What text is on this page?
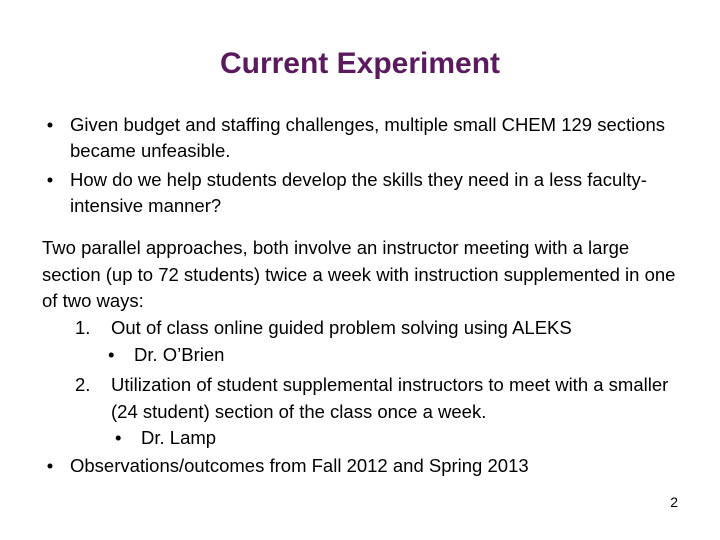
Current Experiment
• Given budget and staffing challenges, multiple small CHEM 129 sections became unfeasible.
• How do we help students develop the skills they need in a less faculty-intensive manner?
Two parallel approaches, both involve an instructor meeting with a large section (up to 72 students) twice a week with instruction supplemented in one of two ways:
1.	Out of class online guided problem solving using ALEKS
•	Dr. O’Brien
2.	Utilization of student supplemental instructors to meet with a smaller (24 student) section of the class once a week.
•	Dr. Lamp
• Observations/outcomes from Fall 2012 and Spring 2013
2
